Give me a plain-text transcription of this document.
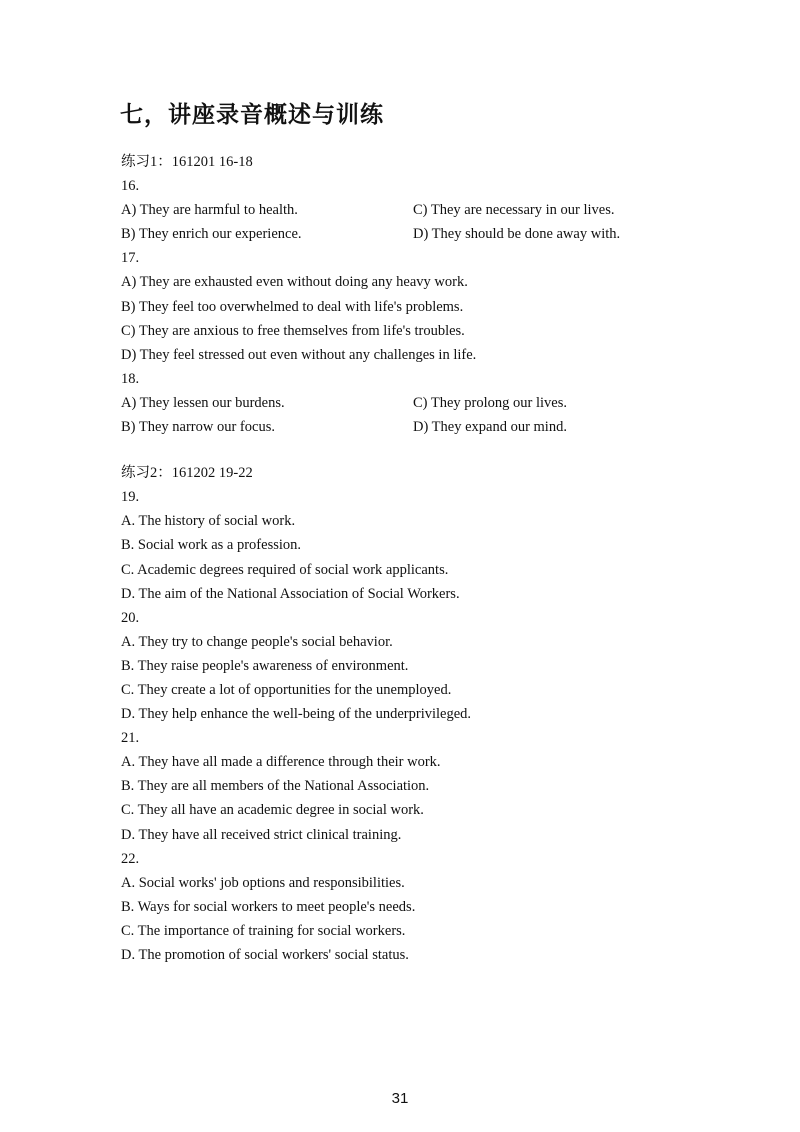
七，讲座录音概述与训练
练习1：161201 16-18
16.
A) They are harmful to health.	C) They are necessary in our lives.
B) They enrich our experience.	D) They should be done away with.
17.
A) They are exhausted even without doing any heavy work.
B) They feel too overwhelmed to deal with life's problems.
C) They are anxious to free themselves from life's troubles.
D) They feel stressed out even without any challenges in life.
18.
A) They lessen our burdens.	C) They prolong our lives.
B) They narrow our focus.	D) They expand our mind.
练习2：161202 19-22
19.
A. The history of social work.
B. Social work as a profession.
C. Academic degrees required of social work applicants.
D. The aim of the National Association of Social Workers.
20.
A. They try to change people's social behavior.
B. They raise people's awareness of environment.
C. They create a lot of opportunities for the unemployed.
D. They help enhance the well-being of the underprivileged.
21.
A. They have all made a difference through their work.
B. They are all members of the National Association.
C. They all have an academic degree in social work.
D. They have all received strict clinical training.
22.
A. Social works' job options and responsibilities.
B. Ways for social workers to meet people's needs.
C. The importance of training for social workers.
D. The promotion of social workers' social status.
31
